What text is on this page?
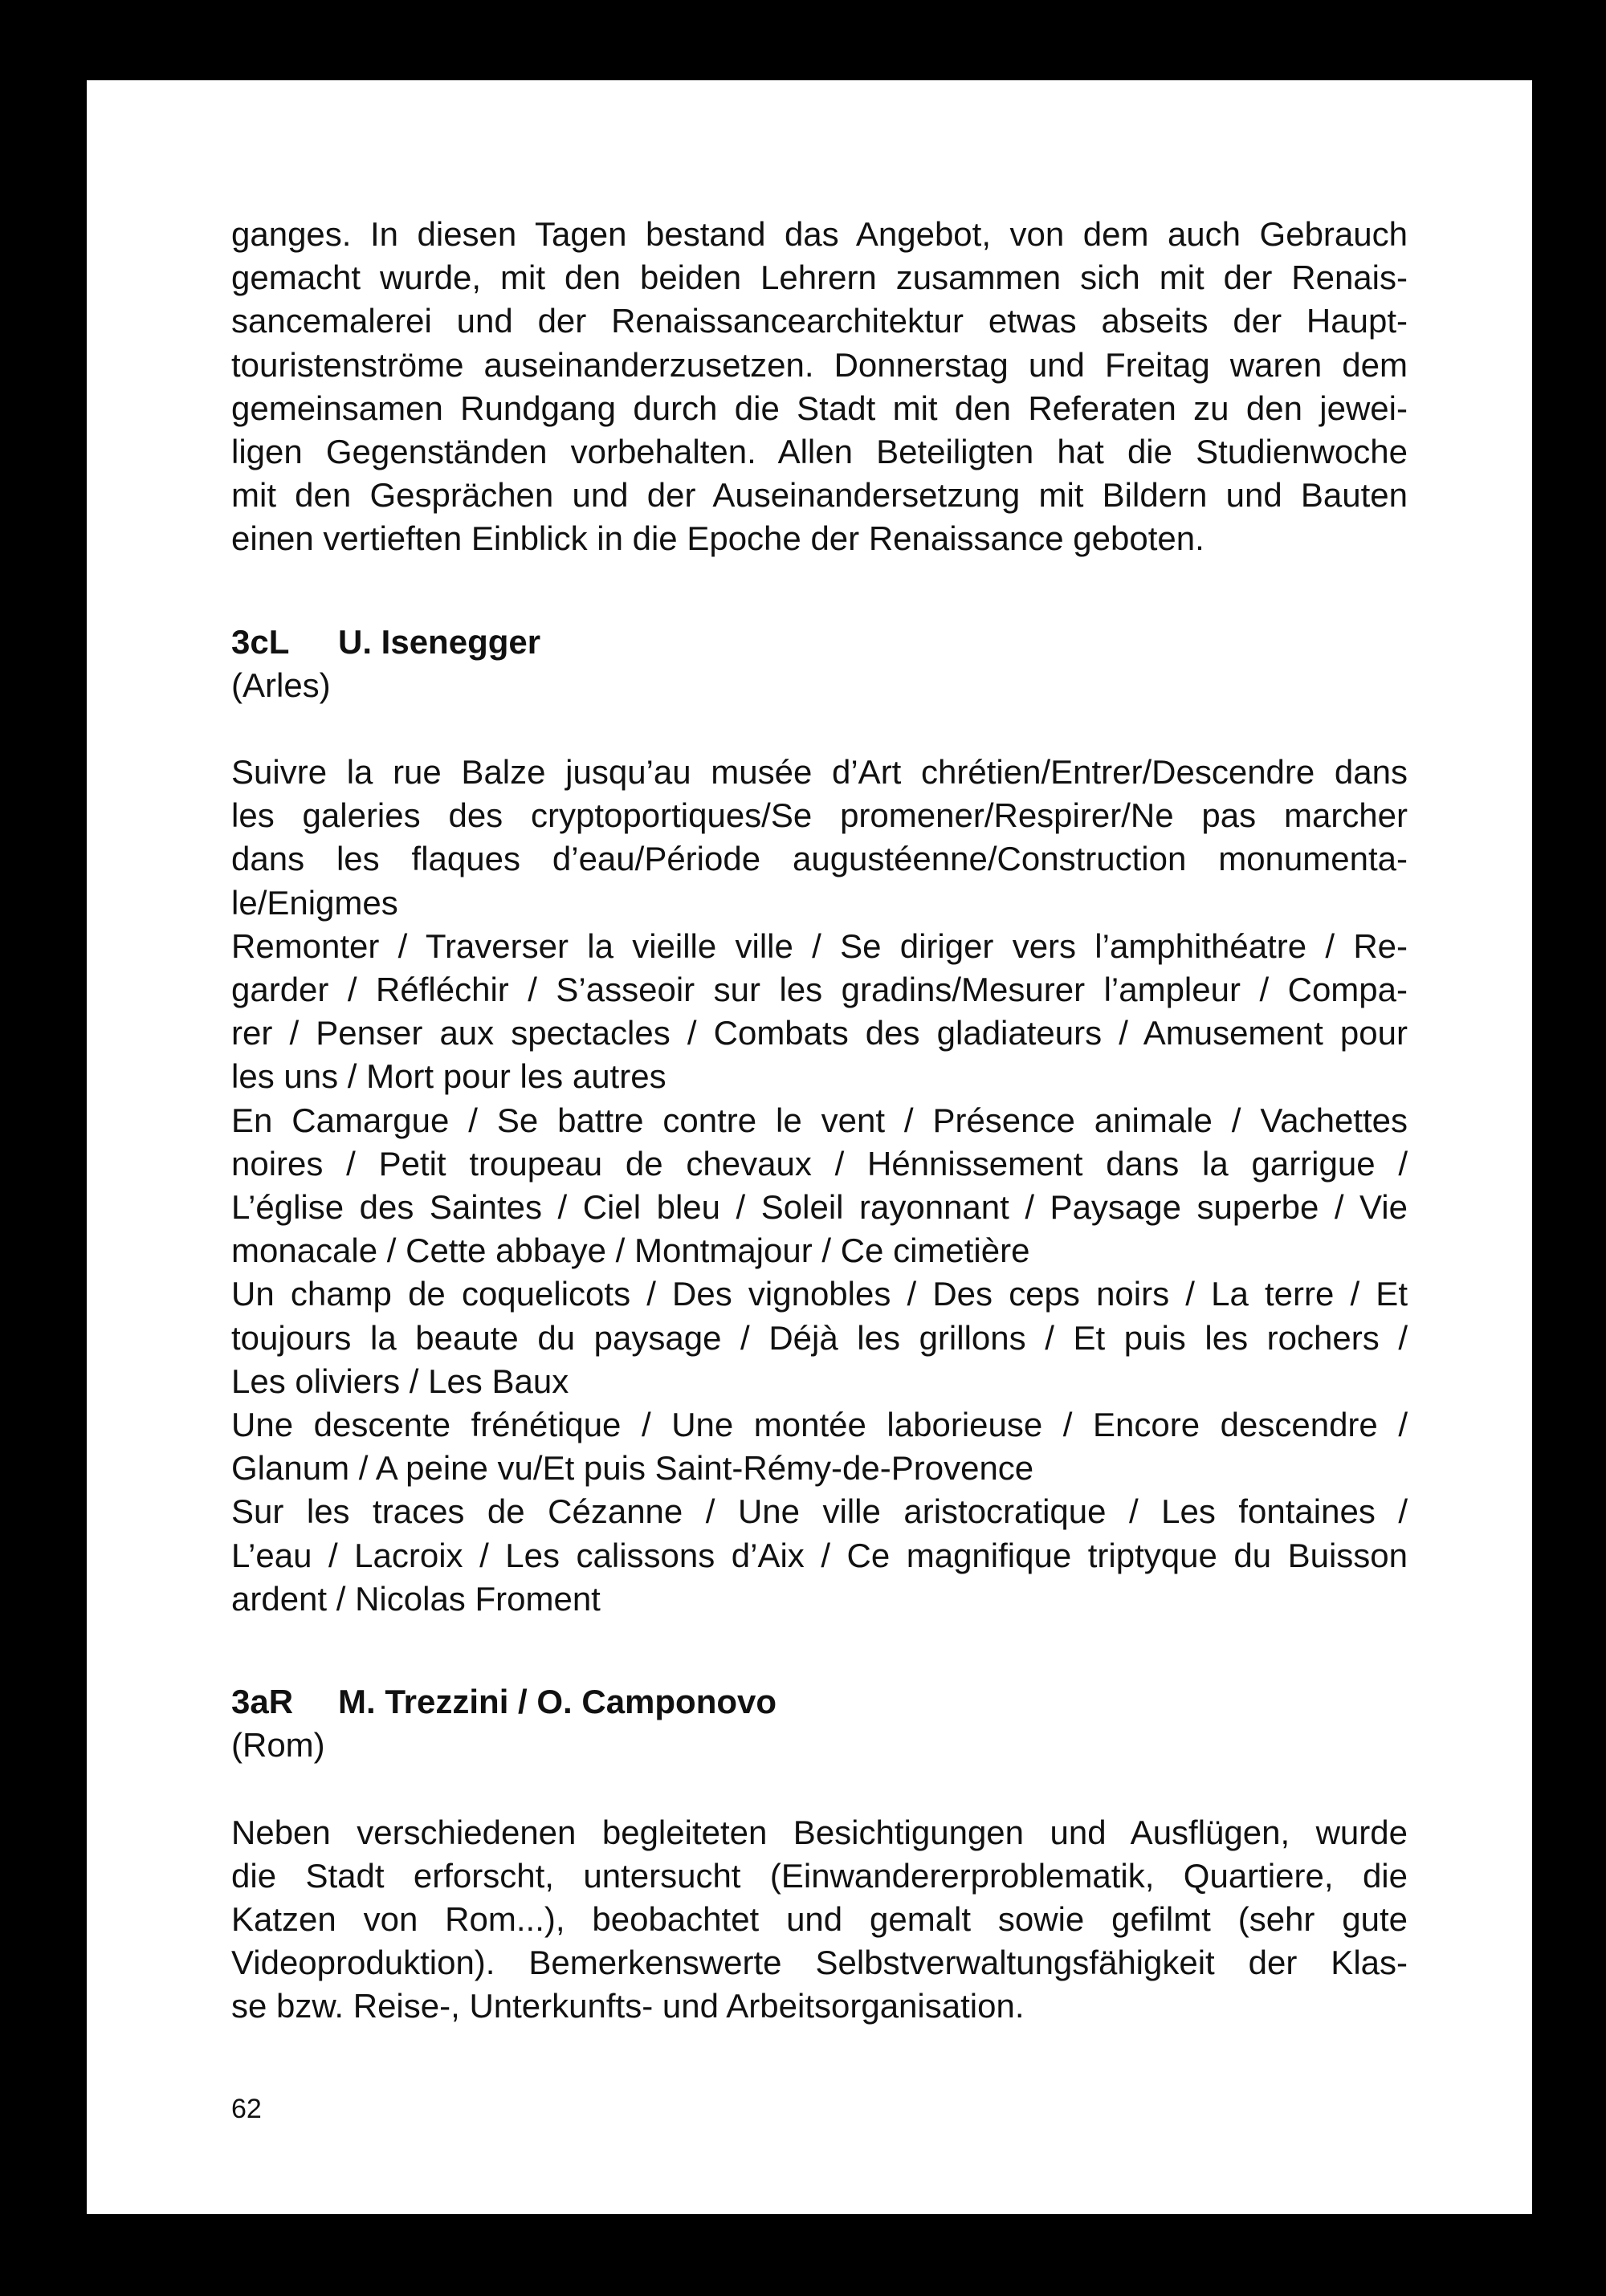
ganges. In diesen Tagen bestand das Angebot, von dem auch Gebrauch
gemacht wurde, mit den beiden Lehrern zusammen sich mit der Renais-
sancemalerei und der Renaissancearchitektur etwas abseits der Haupt-
touristenströme auseinanderzusetzen. Donnerstag und Freitag waren dem
gemeinsamen Rundgang durch die Stadt mit den Referaten zu den jewei-
ligen Gegenständen vorbehalten. Allen Beteiligten hat die Studienwoche
mit den Gesprächen und der Auseinandersetzung mit Bildern und Bauten
einen vertieften Einblick in die Epoche der Renaissance geboten.

3cL U. Isenegger
(Arles)
Suivre la rue Balze jusqu’au musée d’Art chrétien/Entrer/Descendre dans
les galeries des cryptoportiques/Se promener/Respirer/Ne pas marcher
dans les flaques d’eau/Période augustéenne/Construction monumenta-
le/Enigmes
Remonter / Traverser la vieille ville / Se diriger vers l’amphithéatre / Re-
garder / Réfléchir / S’asseoir sur les gradins/Mesurer l’ampleur / Compa-
rer / Penser aux spectacles / Combats des gladiateurs / Amusement pour
les uns / Mort pour les autres
En Camargue / Se battre contre le vent / Présence animale / Vachettes
noires / Petit troupeau de chevaux / Hénnissement dans la garrigue /
L’église des Saintes / Ciel bleu / Soleil rayonnant / Paysage superbe / Vie
monacale / Cette abbaye / Montmajour / Ce cimetière
Un champ de coquelicots / Des vignobles / Des ceps noirs / La terre / Et
toujours la beaute du paysage / Déjà les grillons / Et puis les rochers /
Les oliviers / Les Baux
Une descente frénétique / Une montée laborieuse / Encore descendre /
Glanum / A peine vu/Et puis Saint-Rémy-de-Provence
Sur les traces de Cézanne / Une ville aristocratique / Les fontaines /
L’eau / Lacroix / Les calissons d’Aix / Ce magnifique triptyque du Buisson
ardent / Nicolas Froment
3aR M. Trezzini / O. Camponovo
(Rom)
Neben verschiedenen begleiteten Besichtigungen und Ausflügen, wurde
die Stadt erforscht, untersucht (Einwandererproblematik, Quartiere, die
Katzen von Rom...), beobachtet und gemalt sowie gefilmt (sehr gute
Videoproduktion). Bemerkenswerte Selbstverwaltungsfähigkeit der Klas-
se bzw. Reise-, Unterkunfts- und Arbeitsorganisation.
62
